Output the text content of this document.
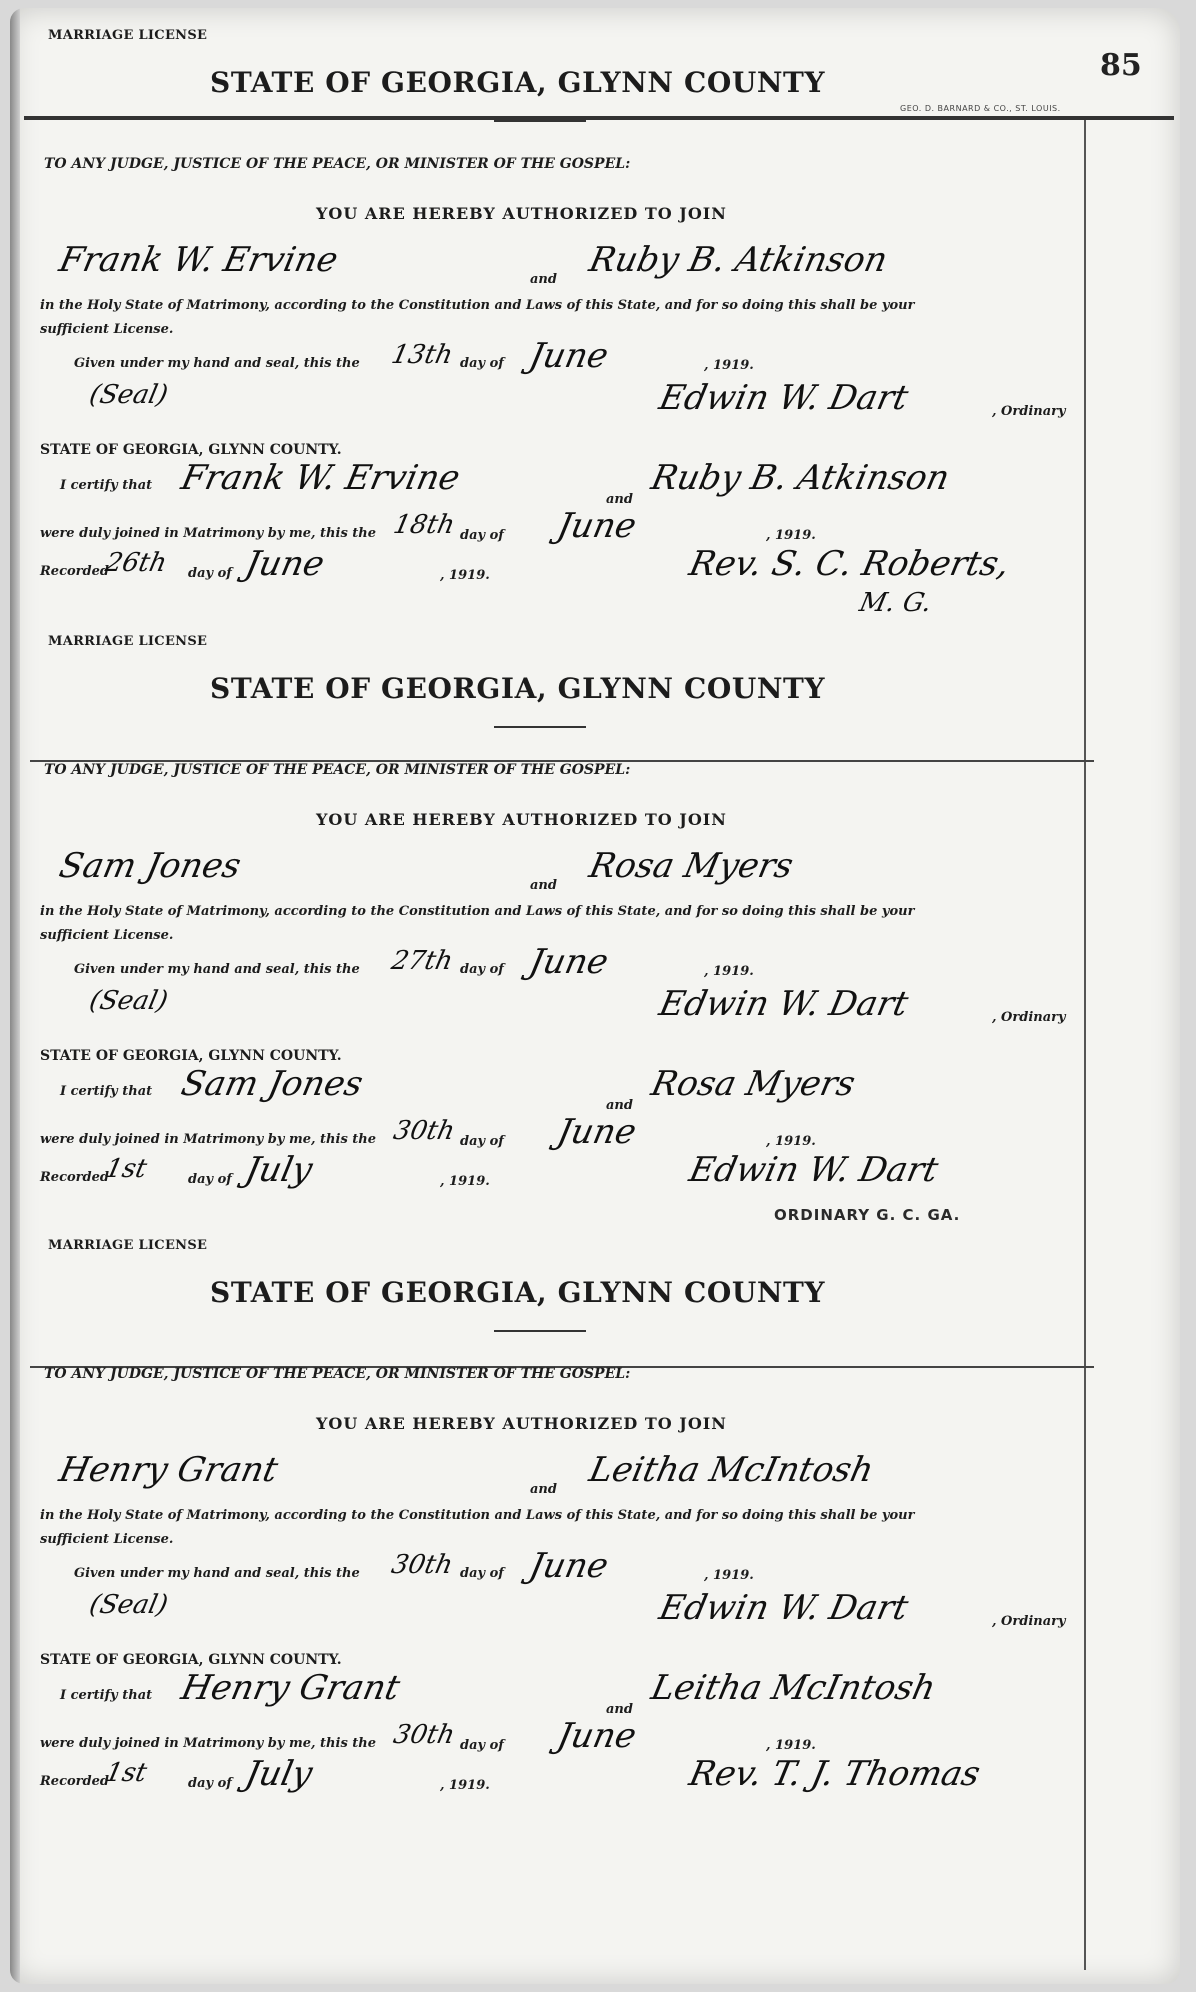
85
GEO. D. BARNARD & CO., ST. LOUIS.
MARRIAGE LICENSE
STATE OF GEORGIA, GLYNN COUNTY
TO ANY JUDGE, JUSTICE OF THE PEACE, OR MINISTER OF THE GOSPEL:
YOU ARE HEREBY AUTHORIZED TO JOIN
Frank W. Ervine	and Ruby B. Atkinson
in the Holy State of Matrimony, according to the Constitution and Laws of this State, and for so doing this shall be your
sufficient License.
Given under my hand and seal, this the 13th day of June	, 1919.
(Seal)	Edwin W. Dart	, Ordinary
STATE OF GEORGIA, GLYNN COUNTY.
I certify that Frank W. Ervine
and
Ruby B. Atkinson
were duly joined in Matrimony by me, this the 18th day of June	, 1919.
Recorded
26th day of June	, 1919.	Rev. S. C. Roberts,
M. G.
MARRIAGE LICENSE
STATE OF GEORGIA, GLYNN COUNTY
TO ANY JUDGE, JUSTICE OF THE PEACE, OR MINISTER OF THE GOSPEL:
YOU ARE HEREBY AUTHORIZED TO JOIN
Sam Jones	and Rosa Myers
in the Holy State of Matrimony, according to the Constitution and Laws of this State, and for so doing this shall be your
sufficient License.
Given under my hand and seal, this the 27th day of June	, 1919.
(Seal)	Edwin W. Dart	, Ordinary
STATE OF GEORGIA, GLYNN COUNTY.
I certify that Sam Jones
and
Rosa Myers
were duly joined in Matrimony by me, this the 30th day of June	, 1919.
Recorded
1st	day of July	, 1919.	Edwin W. Dart
ORDINARY G. C. GA.
MARRIAGE LICENSE
STATE OF GEORGIA, GLYNN COUNTY
TO ANY JUDGE, JUSTICE OF THE PEACE, OR MINISTER OF THE GOSPEL:
YOU ARE HEREBY AUTHORIZED TO JOIN
Henry Grant	and Leitha McIntosh
in the Holy State of Matrimony, according to the Constitution and Laws of this State, and for so doing this shall be your
sufficient License.
Given under my hand and seal, this the 30th day of June	, 1919.
(Seal)	Edwin W. Dart	, Ordinary
STATE OF GEORGIA, GLYNN COUNTY.
I certify that Henry Grant
and
Leitha McIntosh
were duly joined in Matrimony by me, this the 30th day of June	, 1919.
Recorded
1st	day of July	, 1919.	Rev. T. J. Thomas
